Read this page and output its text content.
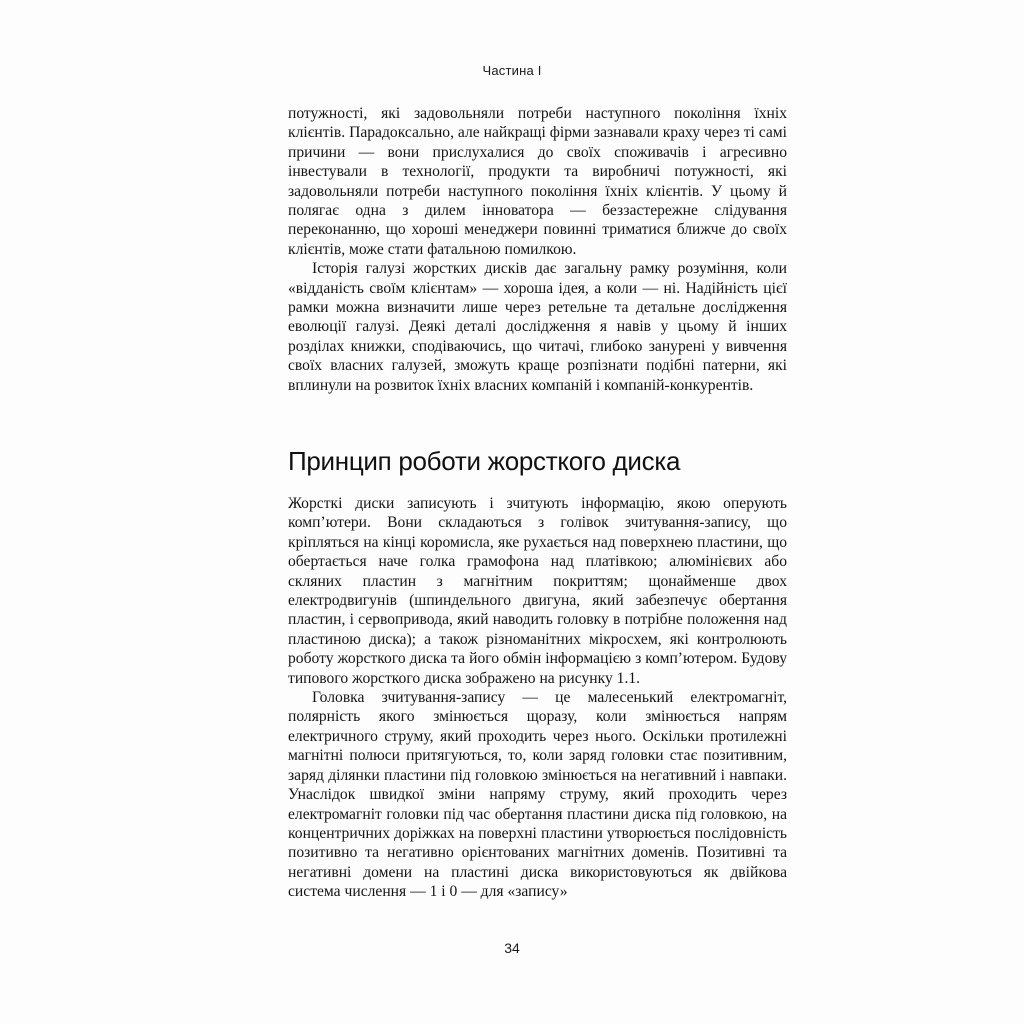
Частина I

потужності, які задовольняли потреби наступного покоління їхніх клієнтів. Парадоксально, але найкращі фірми зазнавали краху через ті самі причини — вони прислухалися до своїх споживачів і агресивно інвестували в технології, продукти та виробничі потужності, які задовольняли потреби наступного покоління їхніх клієнтів. У цьому й полягає одна з дилем інноватора — беззастережне слідування переконанню, що хороші менеджери повинні триматися ближче до своїх клієнтів, може стати фатальною помилкою.

Історія галузі жорстких дисків дає загальну рамку розуміння, коли «відданість своїм клієнтам» — хороша ідея, а коли — ні. Надійність цієї рамки можна визначити лише через ретельне та детальне дослідження еволюції галузі. Деякі деталі дослідження я навів у цьому й інших розділах книжки, сподіваючись, що читачі, глибоко занурені у вивчення своїх власних галузей, зможуть краще розпізнати подібні патерни, які вплинули на розвиток їхніх власних компаній і компаній-конкурентів.

Принцип роботи жорсткого диска

Жорсткі диски записують і зчитують інформацію, якою оперують комп’ютери. Вони складаються з голівок зчитування-запису, що кріпляться на кінці коромисла, яке рухається над поверхнею пластини, що обертається наче голка грамофона над платівкою; алюмінієвих або скляних пластин з магнітним покриттям; щонайменше двох електродвигунів (шпиндельного двигуна, який забезпечує обертання пластин, і сервопривода, який наводить головку в потрібне положення над пластиною диска); а також різноманітних мікросхем, які контролюють роботу жорсткого диска та його обмін інформацією з комп’ютером. Будову типового жорсткого диска зображено на рисунку 1.1.

Головка зчитування-запису — це малесенький електромагніт, полярність якого змінюється щоразу, коли змінюється напрям електричного струму, який проходить через нього. Оскільки протилежні магнітні полюси притягуються, то, коли заряд головки стає позитивним, заряд ділянки пластини під головкою змінюється на негативний і навпаки. Унаслідок швидкої зміни напряму струму, який проходить через електромагніт головки під час обертання пластини диска під головкою, на концентричних доріжках на поверхні пластини утворюється послідовність позитивно та негативно орієнтованих магнітних доменів. Позитивні та негативні домени на пластині диска використовуються як двійкова система числення — 1 і 0 — для «запису»

34
